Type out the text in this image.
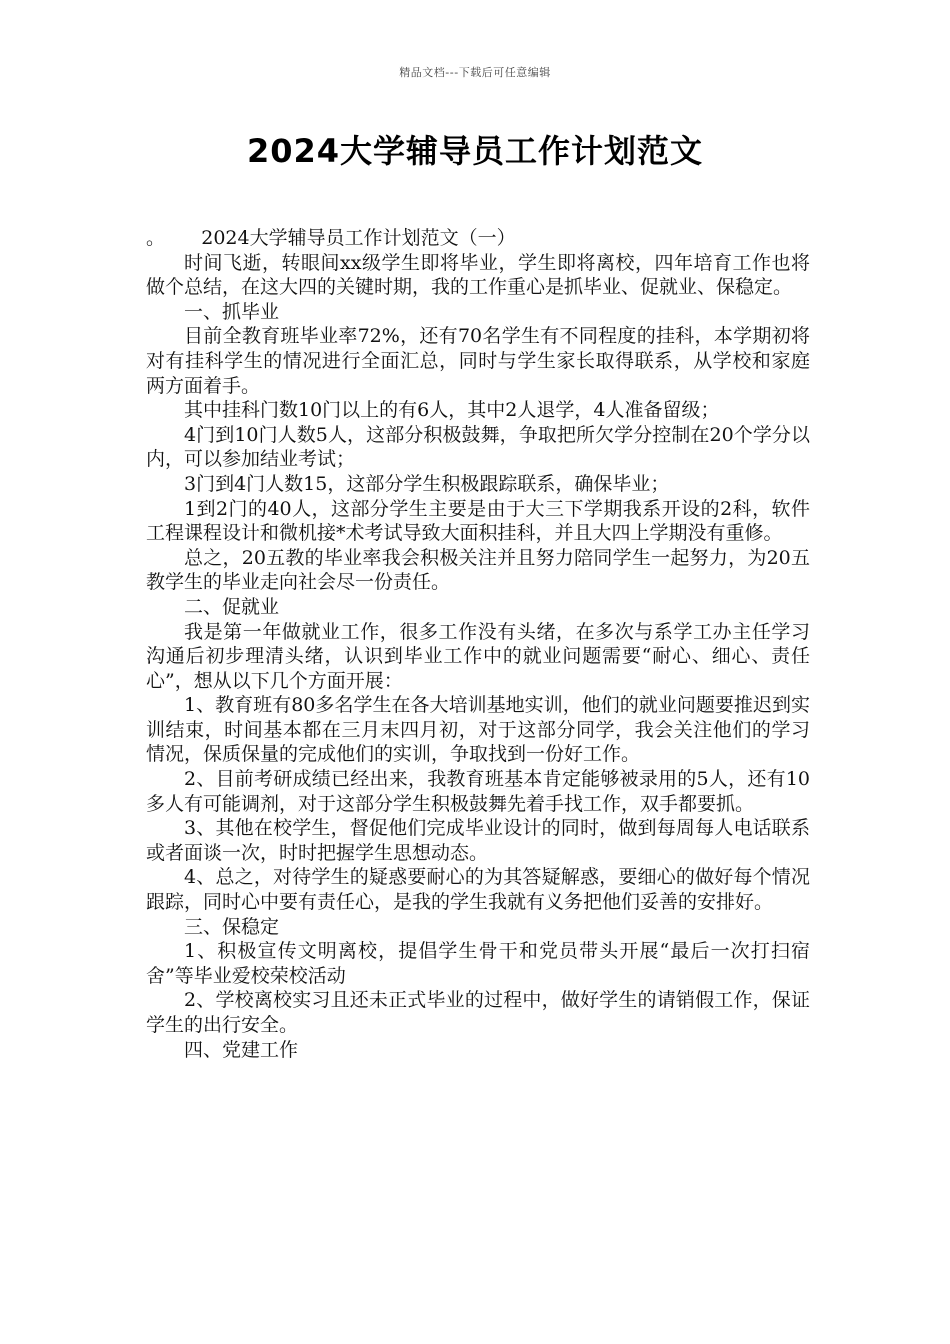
精品文档---下载后可任意编辑
2024大学辅导员工作计划范文

。      2024大学辅导员工作计划范文（一）

时间飞逝，转眼间xx级学生即将毕业，学生即将离校，四年培育工作也将做个总结，在这大四的关键时期，我的工作重心是抓毕业、促就业、保稳定。

一、抓毕业

目前全教育班毕业率72%，还有70名学生有不同程度的挂科，本学期初将对有挂科学生的情况进行全面汇总，同时与学生家长取得联系，从学校和家庭两方面着手。

其中挂科门数10门以上的有6人，其中2人退学，4人准备留级；

4门到10门人数5人，这部分积极鼓舞，争取把所欠学分控制在20个学分以内，可以参加结业考试；

3门到4门人数15，这部分学生积极跟踪联系，确保毕业；

1到2门的40人，这部分学生主要是由于大三下学期我系开设的2科，软件工程课程设计和微机接*术考试导致大面积挂科，并且大四上学期没有重修。

总之，20五教的毕业率我会积极关注并且努力陪同学生一起努力，为20五教学生的毕业走向社会尽一份责任。

二、促就业

我是第一年做就业工作，很多工作没有头绪，在多次与系学工办主任学习沟通后初步理清头绪，认识到毕业工作中的就业问题需要“耐心、细心、责任心”，想从以下几个方面开展：

1、教育班有80多名学生在各大培训基地实训，他们的就业问题要推迟到实训结束，时间基本都在三月末四月初，对于这部分同学，我会关注他们的学习情况，保质保量的完成他们的实训，争取找到一份好工作。

2、目前考研成绩已经出来，我教育班基本肯定能够被录用的5人，还有10多人有可能调剂，对于这部分学生积极鼓舞先着手找工作，双手都要抓。

3、其他在校学生，督促他们完成毕业设计的同时，做到每周每人电话联系或者面谈一次，时时把握学生思想动态。

4、总之，对待学生的疑惑要耐心的为其答疑解惑，要细心的做好每个情况跟踪，同时心中要有责任心，是我的学生我就有义务把他们妥善的安排好。

三、保稳定

1、积极宣传文明离校，提倡学生骨干和党员带头开展“最后一次打扫宿舍”等毕业爱校荣校活动

2、学校离校实习且还未正式毕业的过程中，做好学生的请销假工作，保证学生的出行安全。

四、党建工作
